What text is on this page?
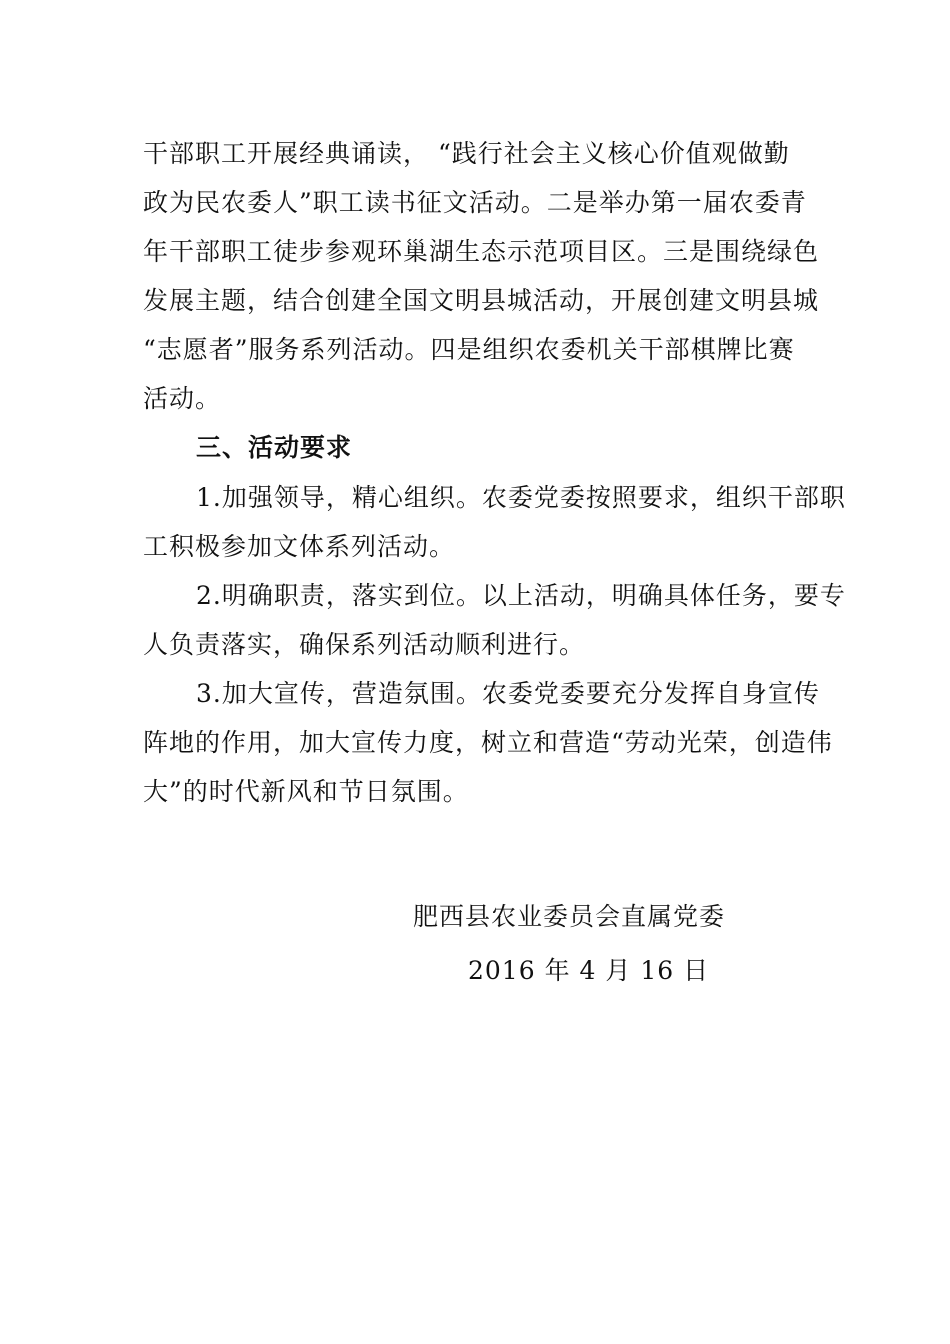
干部职工开展经典诵读， “践行社会主义核心价值观做勤
政为民农委人”职工读书征文活动。二是举办第一届农委青
年干部职工徒步参观环巢湖生态示范项目区。三是围绕绿色
发展主题，结合创建全国文明县城活动，开展创建文明县城
“志愿者”服务系列活动。四是组织农委机关干部棋牌比赛
活动。
三、活动要求
1.加强领导，精心组织。农委党委按照要求，组织干部职
工积极参加文体系列活动。
2.明确职责，落实到位。以上活动，明确具体任务，要专
人负责落实，确保系列活动顺利进行。
3.加大宣传，营造氛围。农委党委要充分发挥自身宣传
阵地的作用，加大宣传力度，树立和营造“劳动光荣，创造伟
大”的时代新风和节日氛围。
肥西县农业委员会直属党委
2016 年 4 月 16 日
